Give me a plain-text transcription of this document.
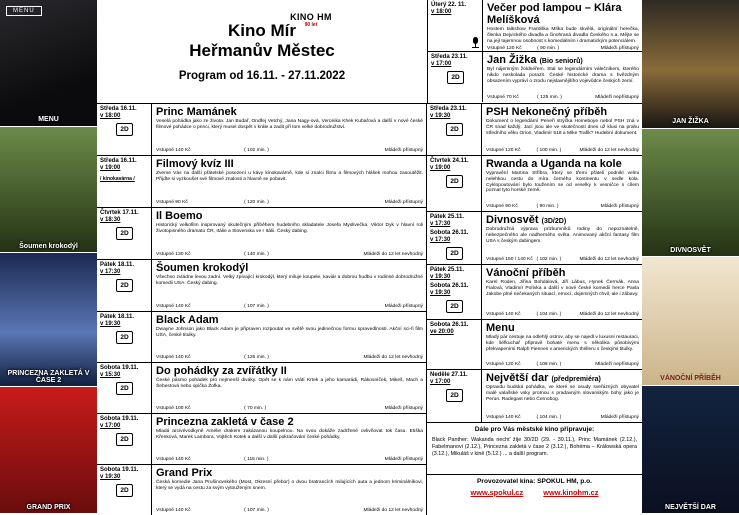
MENU
MENU
Šoumen krokodýl
PRINCEZNA ZAKLETÁ V ČASE 2
GRAND PRIX
JAN ŽIŽKA
DIVNOSVĚT
VÁNOČNÍ PŘÍBĚH
NEJVĚTŠÍ DAR
Kino Mír
Heřmanův Městec
Program od 16.11. - 27.11.2022
KINO HM
90 let
Úterý 22. 11.
v 18:00	Večer pod lampou – Klára Melíšková
Hostem talkshow Františka Mlíka bude skvělá, originální herečka, členka Dejvického divadla a činohraná divadla Českého n.a. Mějte se na její tajemnou osobnost s komediálním i dramatickým potenciálem.
Vstupné 120 Kč	( 90 min. )	Mládeži přístupný
Středa 23.11.
v 17:00
2D
Jan Žižka (Bio seniorů)
Byl nájemným žoldnéřem. Stal se legendárním válečníkem, kterého nikdo neskolada porazit. České historické drama s hvězdným obsazením vypráví o zrodu nejslavnějšího vojevůdce českých zemí.
Vstupné 70 Kč	( 125 min. )	Mládeži nepřístupný
Středa 16.11.
v 18:00
2D
Princ Mamánek
Veselá pohádka jako ze života. Jan Budař, Ondřej Vetchý, Jana Nagy-ová, Veronika Khek Kubařová a další v nové české filmové pohádce o princi, který musel dospět v krále a zadit při tom velké dobrodružství.
Vstupné 140 Kč	( 102 min. )	Mládeži přístupný
Středa 16.11.
v 19:00
/ kinokavárna /
Filmový kvíz III
Zveme Vás na další přátelské posezení u kávy kinokavárně, kde si znalci filmu a filmových hlášek mohou zasoutěžit. Přijďte si vyzkoušet své filmové znalosti a hlavně se pobavit.
Vstupné 90 Kč	( 120 min. )	Mládeži přístupný
Čtvrtek 17.11.
v 18:30
2D
Il Boemo
Historický velkofilm inspirovaný skutečným příběhem hudebního skladatele Josefa Myslivečka. Viktor Dyk v hlavní roli životopisného dramatu ČR, Itálie a Slovenska ve r Itálii. Český dabing.
Vstupné 130 Kč	( 140 min. )	Mládeži do 12 let nevhodný
Pátek 18.11.
v 17:30
2D
Šoumen krokodýl
Všechno zvládne levou zadní. Velký zpívající krokodýl, který miluje koupele, kaviár a dobrou hudbu v rodinné dobrodružné komedii USA. Český dabing.
Vstupné 140 Kč	( 107 min. )	Mládeži přístupný
Pátek 18.11.
v 19:30
2D
Black Adam
Dwayne Johnson jako Black Adam je připraven rozpoutat ve světě svou jedinečnou formu spravedlnosti. Akční sci-fi film USA, české titulky.
Vstupné 140 Kč	( 125 min. )	Mládeži do 12 let nevhodný
Sobota 19.11.
v 15:30
2D
Do pohádky za zvířátky II
České pásmo pohádek pro nejmenší diváky. Opět se k nám vrátí Krtek a jeho kamarádi, Rákosníček, Mikeš, Mach a Šebestová nebo opička Žofka.
Vstupné 100 Kč	( 70 min. )	Mládeži přístupný
Sobota 19.11.
v 17:00
2D
Princezna zakletá v čase 2
Mladá arcivévodkyně Amélie drakem zakázanou koupelnou. Na svou dokáže zadržené ovlivňovat tok času. Etiška Křenková, Marek Lambora, Vojtěch Kotek a další v další pokračování české pohádky.
Vstupné 140 Kč	( 115 min. )	Mládeži přístupný
Sobota 19.11.
v 19:30
2D
Grand Prix
Česká komedie Jana Prušinovského (Most, Okresní přebor) o dvou bratrancích milujících auta a jednom kriminálníkovi, který se vydá na cestu za svým vytouženým snem.
Vstupné 140 Kč	( 107 min. )	Mládeži do 12 let nevhodný
Středa 23.11.
v 19:30
2D
PSH Nekonečný příběh
Dokument o legendární Peneři strýčka Homeboye nebol PSH zná v ČR snad každý. Jací jsou ale ve skutečnosti dnes už klusi na prahu středního věku Orion, Vladimír 518 a Mike Trafik? Hudební dokument.
Vstupné 120 Kč	( 100 min. )	Mládeži do 12 let nevhodný
Čtvrtek 24.11.
v 19:00
2D
Rwanda a Uganda na kole
Vypravění Martina Stříbrа, který se třemi přáteli podnikl velmi nelehkou cestu do míra černého kontinentu v sedle kola. Cyklopoutování bylo toužením se od veselky k vesničce s cílem poznat tyto horské země.
Vstupné 90 Kč	( 90 min. )	Mládeži přístupný
Pátek 25.11.
v 17:30
Sobota 26.11.
v 17:30
2D
Divnosvět (3D/2D)
Dobrodružná výprava prizkumníků rodiny do nepoznatelně, nebezpečného ale nadherného světa. Animovaný akční fantasy film USA s českým dabingem.
Vstupné 150 / 140 Kč ( 102 min. )	Mládeži do 12 let nevhodný
Pátek 25.11.
v 19:30
Sobota 26.11.
v 19:30
2D
Vánoční příběh
Karel Roden, Jiřina Bohdalová, Jiří Lábus, Hynek Čermák, Anna Fialová, Vladimír Polívka a další v nové české komedii herce Pavla Jakobe plné nečekaných situací, emocí, dojemných chvil, ale i zábavy.
Vstupné 140 Kč	( 104 min. )	Mládeži do 12 let nevhodný
Sobota 26.11.
ve 20:00	Menu
Mladý pár cestuje na odlehlý ostrov, aby se najedl v luxusní restauraci, kde šéfkuchař připravil bohaté menu s několika působivými překvapeními Ralph Fiennes v amerických thrilleru s českými titulky.
Vstupné 120 Kč	( 108 min. )	Mládeži nepřístupný
Neděle 27.11.
v 17:00
2D
Největší dar (předpremiéra)
Opravdu budská pohádka, ve které se osudy sveřázných obyvatel malé valašské vsky protnou s pradavným slovanským bohy jako je Perun. Radegast nebo Černobog.
Vstupné 140 Kč	( 104 min. )	Mládeži přístupný
Dále pro Vás městské kino připravuje:
Black Panther: Wakanda nechť žíje 30/2D (29. - 30.11.), Princ Mamánek (2.12.), Fabelmanovi (2.12.), Princezna zakletá v čase 2 (3.12.), Bohéma – Králowská opera (3.12.), Mikuláš v kině (5.12.) ... a další program.
Provozovatel kina: SPOKUL HM, p.o.
www.spokul.cz	www.kinohm.cz
